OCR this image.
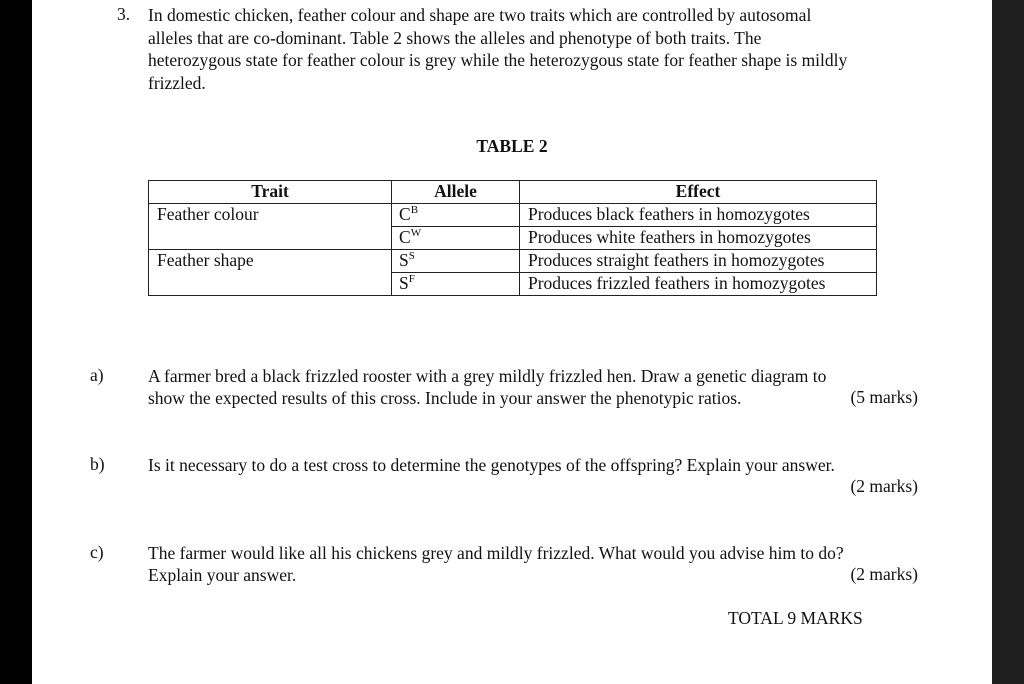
3. In domestic chicken, feather colour and shape are two traits which are controlled by autosomal
alleles that are co-dominant. Table 2 shows the alleles and phenotype of both traits. The
heterozygous state for feather colour is grey while the heterozygous state for feather shape is mildly
frizzled.
TABLE 2
Trait	Allele	Effect
Feather colour	$C^B$	Produces black feathers in homozygotes
	$C^W$	Produces white feathers in homozygotes
Feather shape	$S^S$	Produces straight feathers in homozygotes
	$S^F$	Produces frizzled feathers in homozygotes
a)	A farmer bred a black frizzled rooster with a grey mildly frizzled hen. Draw a genetic diagram to
show the expected results of this cross. Include in your answer the phenotypic ratios.	(5 marks)
b) Is it necessary to do a test cross to determine the genotypes of the offspring? Explain your answer.
(2 marks)
c)	The farmer would like all his chickens grey and mildly frizzled. What would you advise him to do?
Explain your answer.	(2 marks)
TOTAL 9 MARKS
